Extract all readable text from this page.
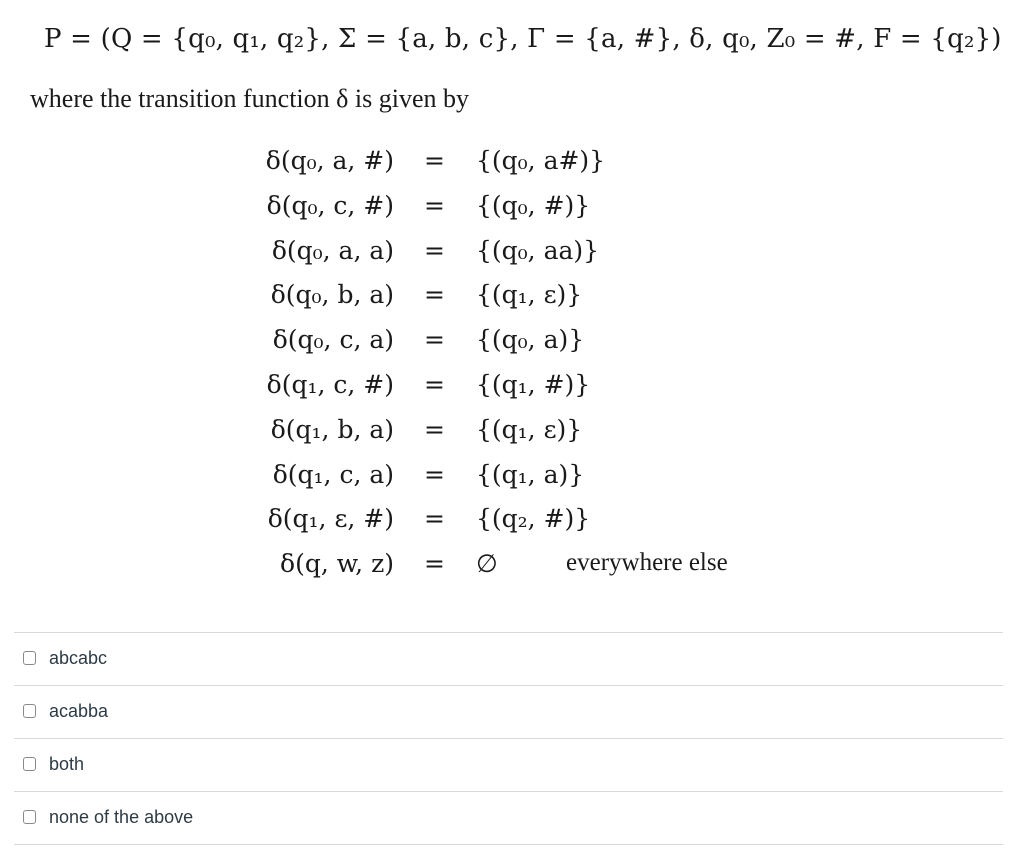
P = (Q = {q₀, q₁, q₂}, Σ = {a, b, c}, Γ = {a, #}, δ, q₀, Z₀ = #, F = {q₂})
where the transition function δ is given by
δ(q₀, a, #) = {(q₀, a#)}
δ(q₀, c, #) = {(q₀, #)}
δ(q₀, a, a) = {(q₀, aa)}
δ(q₀, b, a) = {(q₁, ε)}
δ(q₀, c, a) = {(q₀, a)}
δ(q₁, c, #) = {(q₁, #)}
δ(q₁, b, a) = {(q₁, ε)}
δ(q₁, c, a) = {(q₁, a)}
δ(q₁, ε, #) = {(q₂, #)}
δ(q, w, z) = ∅	everywhere else
abcabc
acabba
both
none of the above
